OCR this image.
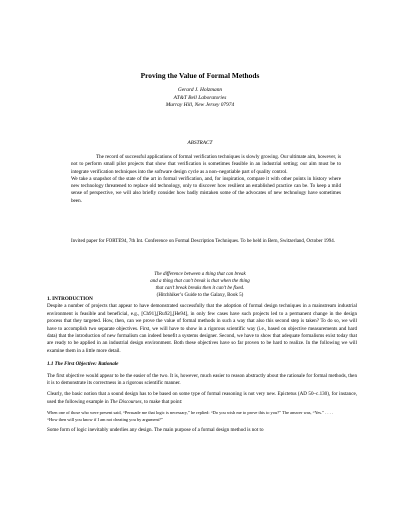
Proving the Value of Formal Methods
Gerard J. Holzmann
AT&T Bell Laboratories
Murray Hill, New Jersey 07974
ABSTRACT

The record of successful applications of formal verification techniques is slowly growing. Our ultimate aim, however, is not to perform small pilot projects that show that verification is sometimes feasible in an industrial setting; our aim must be to integrate verification techniques into the software design cycle as a non–negotiable part of quality control.

We take a snapshot of the state of the art in formal verification, and, for inspiration, compare it with other points in history where new technology threatened to replace old technology, only to discover how resilient an established practice can be. To keep a mild sense of perspective, we will also briefly consider how badly mistaken some of the advocates of new technology have sometimes been.

Invited paper for FORTE94, 7th Int. Conference on Formal Description Techniques. To be held in Bern, Switzerland, October 1994.
The difference between a thing that can break
and a thing that can’t break is that when the thing
that can’t break breaks then it can’t be fixed.
(Hitchhiker’s Guide to the Galaxy, Book 5)
1. INTRODUCTION

Despite a number of projects that appear to have demonstrated successfully that the adoption of formal design techniques in a mainstream industrial environment is feasible and beneficial, e.g., [Ch91],[Ru92],[He94], in only few cases have such projects led to a permanent change in the design process that they targeted. How, then, can we prove the value of formal methods in such a way that also this second step is taken? To do so, we will have to accomplish two separate objectives. First, we will have to show in a rigorous scientific way (i.e., based on objective measurements and hard data) that the introduction of new formalism can indeed benefit a systems designer. Second, we have to show that adequate formalisms exist today that are ready to be applied in an industrial design environment. Both these objectives have so far proven to be hard to realize. In the following we will examine them in a little more detail.

1.1 The First Objective: Rationale

The first objective would appear to be the easier of the two. It is, however, much easier to reason abstractly about the rationale for formal methods, then it is to demonstrate its correctness in a rigorous scientific manner.

Clearly, the basic notion that a sound design has to be based on some type of formal reasoning is not very new. Epictetus (AD 50–c.130), for instance, used the following example in The Discourses, to make that point:

When one of those who were present said, “Persuade me that logic is necessary,” he replied: “Do you wish me to prove this to you?” The answer was, “Yes.” . . . . “How then will you know if I am not cheating you by argument?”

Some form of logic inevitably underlies any design. The main purpose of a formal design method is not to
